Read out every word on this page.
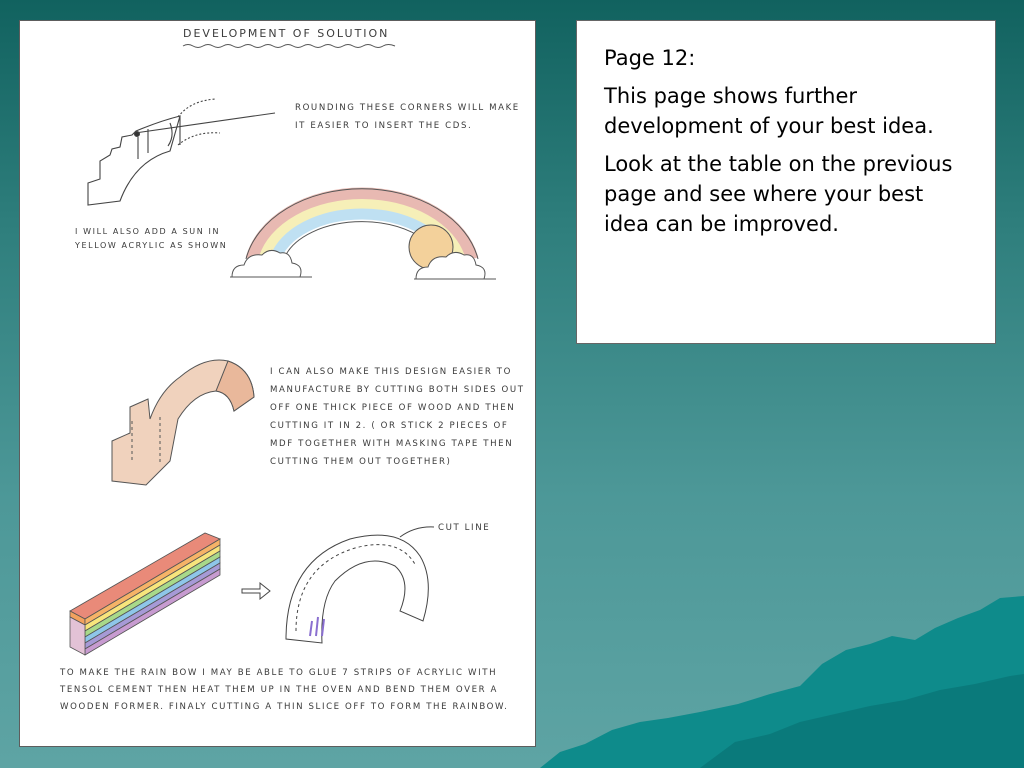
DEVELOPMENT OF SOLUTION
ROUNDING THESE CORNERS WILL MAKE IT EASIER TO INSERT THE CDS.
I WILL ALSO ADD A SUN IN YELLOW ACRYLIC AS SHOWN
I CAN ALSO MAKE THIS DESIGN EASIER TO MANUFACTURE BY CUTTING BOTH SIDES OUT OFF ONE THICK PIECE OF WOOD AND THEN CUTTING IT IN 2. ( OR STICK 2 PIECES OF MDF TOGETHER WITH MASKING TAPE THEN CUTTING THEM OUT TOGETHER)
CUT LINE
TO MAKE THE RAIN BOW I MAY BE ABLE TO GLUE 7 STRIPS OF ACRYLIC WITH TENSOL CEMENT THEN HEAT THEM UP IN THE OVEN AND BEND THEM OVER A WOODEN FORMER. FINALY CUTTING A THIN SLICE OFF TO FORM THE RAINBOW.

Page 12:

This page shows further development of your best idea.

Look at the table on the previous page and see where your best idea can be improved.
